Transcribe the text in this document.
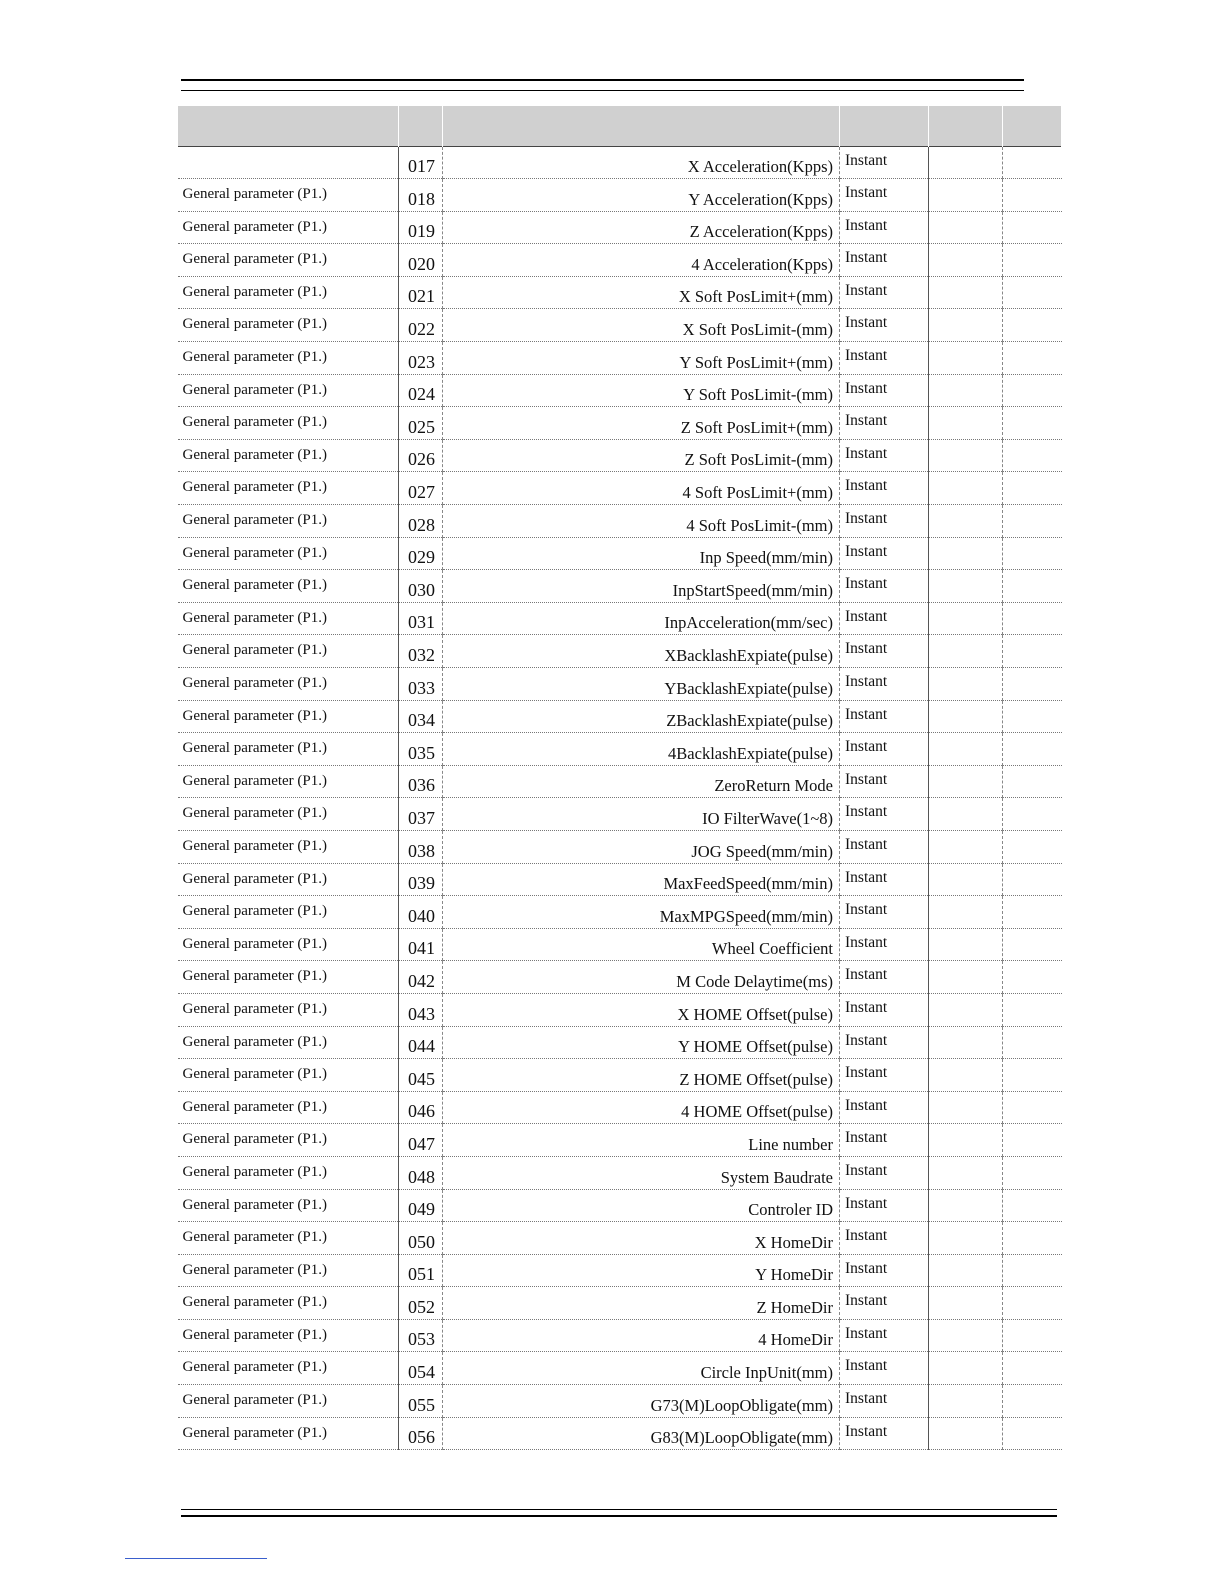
	017	X Acceleration(Kpps)	Instant		
General parameter (P1.)	018	Y Acceleration(Kpps)	Instant		
General parameter (P1.)	019	Z Acceleration(Kpps)	Instant		
General parameter (P1.)	020	4 Acceleration(Kpps)	Instant		
General parameter (P1.)	021	X Soft PosLimit+(mm)	Instant		
General parameter (P1.)	022	X Soft PosLimit-(mm)	Instant		
General parameter (P1.)	023	Y Soft PosLimit+(mm)	Instant		
General parameter (P1.)	024	Y Soft PosLimit-(mm)	Instant		
General parameter (P1.)	025	Z Soft PosLimit+(mm)	Instant		
General parameter (P1.)	026	Z Soft PosLimit-(mm)	Instant		
General parameter (P1.)	027	4 Soft PosLimit+(mm)	Instant		
General parameter (P1.)	028	4 Soft PosLimit-(mm)	Instant		
General parameter (P1.)	029	Inp Speed(mm/min)	Instant		
General parameter (P1.)	030	InpStartSpeed(mm/min)	Instant		
General parameter (P1.)	031	InpAcceleration(mm/sec)	Instant		
General parameter (P1.)	032	XBacklashExpiate(pulse)	Instant		
General parameter (P1.)	033	YBacklashExpiate(pulse)	Instant		
General parameter (P1.)	034	ZBacklashExpiate(pulse)	Instant		
General parameter (P1.)	035	4BacklashExpiate(pulse)	Instant		
General parameter (P1.)	036	ZeroReturn Mode	Instant		
General parameter (P1.)	037	IO FilterWave(1~8)	Instant		
General parameter (P1.)	038	JOG Speed(mm/min)	Instant		
General parameter (P1.)	039	MaxFeedSpeed(mm/min)	Instant		
General parameter (P1.)	040	MaxMPGSpeed(mm/min)	Instant		
General parameter (P1.)	041	Wheel Coefficient	Instant		
General parameter (P1.)	042	M Code Delaytime(ms)	Instant		
General parameter (P1.)	043	X HOME Offset(pulse)	Instant		
General parameter (P1.)	044	Y HOME Offset(pulse)	Instant		
General parameter (P1.)	045	Z HOME Offset(pulse)	Instant		
General parameter (P1.)	046	4 HOME Offset(pulse)	Instant		
General parameter (P1.)	047	Line number	Instant		
General parameter (P1.)	048	System Baudrate	Instant		
General parameter (P1.)	049	Controler ID	Instant		
General parameter (P1.)	050	X HomeDir	Instant		
General parameter (P1.)	051	Y HomeDir	Instant		
General parameter (P1.)	052	Z HomeDir	Instant		
General parameter (P1.)	053	4 HomeDir	Instant		
General parameter (P1.)	054	Circle InpUnit(mm)	Instant		
General parameter (P1.)	055	G73(M)LoopObligate(mm)	Instant		
General parameter (P1.)	056	G83(M)LoopObligate(mm)	Instant		
